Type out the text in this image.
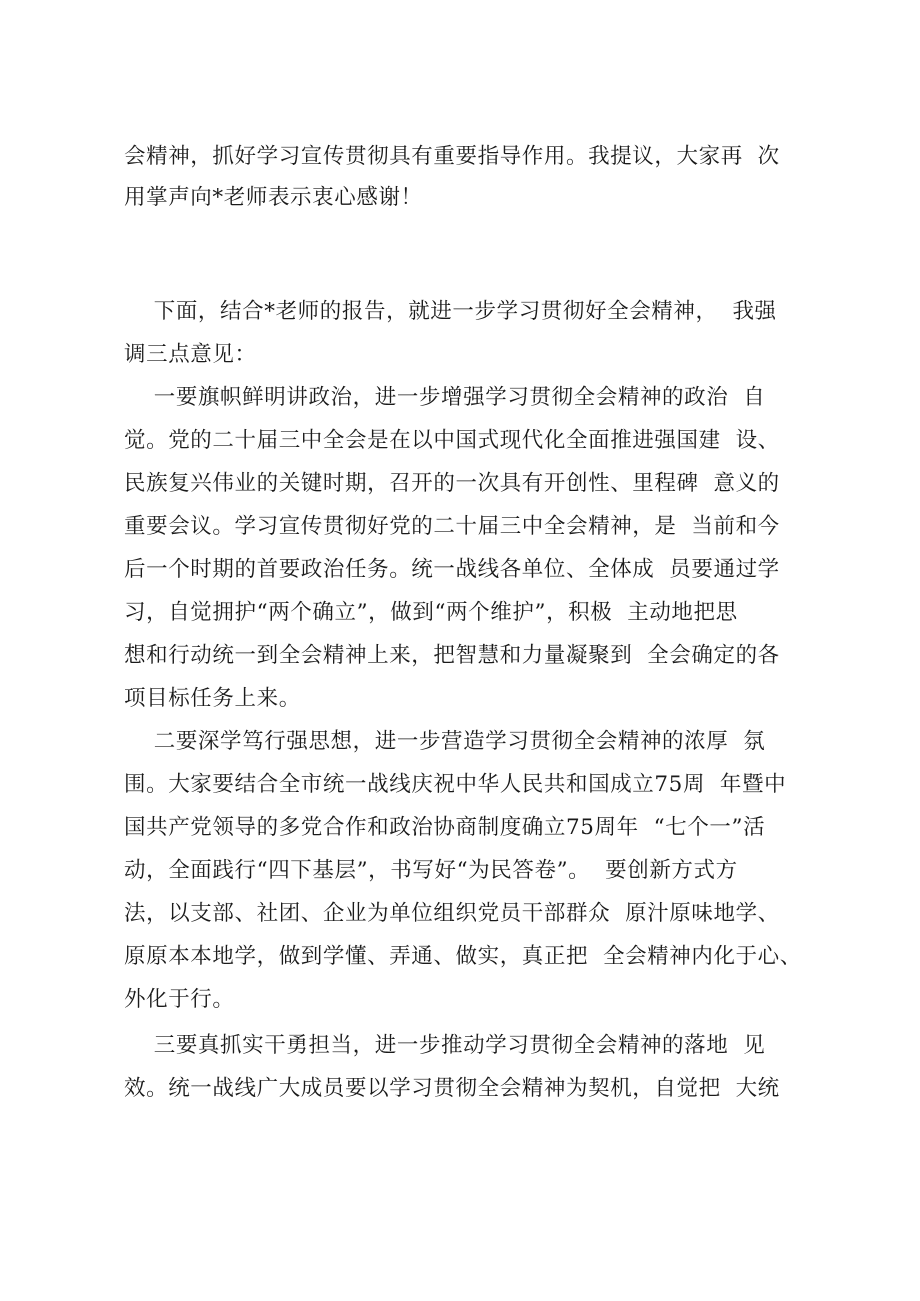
会精神，抓好学习宣传贯彻具有重要指导作用。我提议，大家再  次
用掌声向*老师表示衷心感谢！
下面，结合*老师的报告，就进一步学习贯彻好全会精神，  我强
调三点意见：
一要旗帜鲜明讲政治，进一步增强学习贯彻全会精神的政治  自
觉。党的二十届三中全会是在以中国式现代化全面推进强国建  设、
民族复兴伟业的关键时期，召开的一次具有开创性、里程碑  意义的
重要会议。学习宣传贯彻好党的二十届三中全会精神，是  当前和今
后一个时期的首要政治任务。统一战线各单位、全体成  员要通过学
习，自觉拥护“两个确立”，做到“两个维护”，积极  主动地把思
想和行动统一到全会精神上来，把智慧和力量凝聚到  全会确定的各
项目标任务上来。
二要深学笃行强思想，进一步营造学习贯彻全会精神的浓厚  氛
围。大家要结合全市统一战线庆祝中华人民共和国成立75周  年暨中
国共产党领导的多党合作和政治协商制度确立75周年  “七个一”活
动，全面践行“四下基层”，书写好“为民答卷”。  要创新方式方
法，以支部、社团、企业为单位组织党员干部群众  原汁原味地学、
原原本本地学，做到学懂、弄通、做实，真正把  全会精神内化于心、
外化于行。
三要真抓实干勇担当，进一步推动学习贯彻全会精神的落地  见
效。统一战线广大成员要以学习贯彻全会精神为契机，自觉把  大统
